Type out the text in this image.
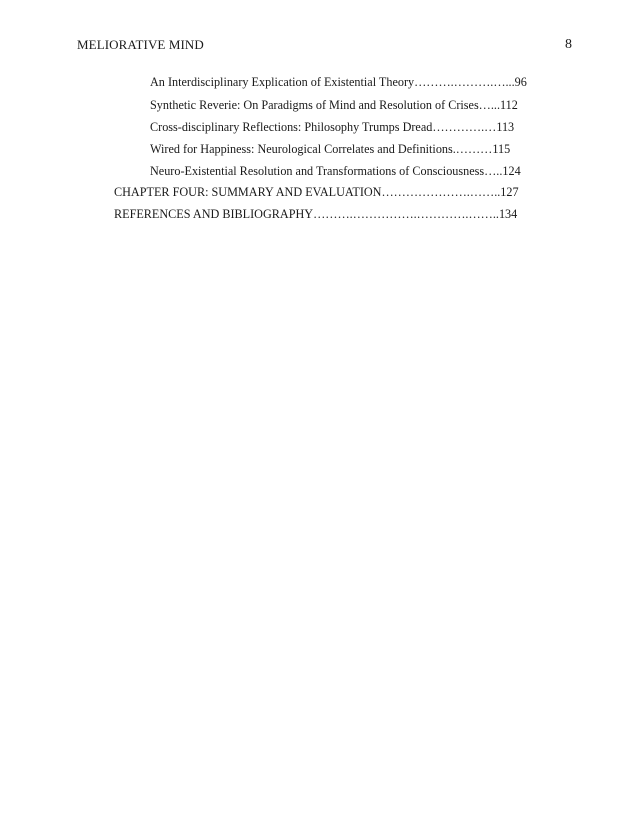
MELIORATIVE MIND	8
An Interdisciplinary Explication of Existential Theory……….……….…...96
Synthetic Reverie: On Paradigms of Mind and Resolution of Crises…...112
Cross-disciplinary Reflections: Philosophy Trumps Dread………….…113
Wired for Happiness: Neurological Correlates and Definitions.………115
Neuro-Existential Resolution and Transformations of Consciousness…..124
CHAPTER FOUR: SUMMARY AND EVALUATION………………….……..127
REFERENCES AND BIBLIOGRAPHY……….…………….………….……..134
